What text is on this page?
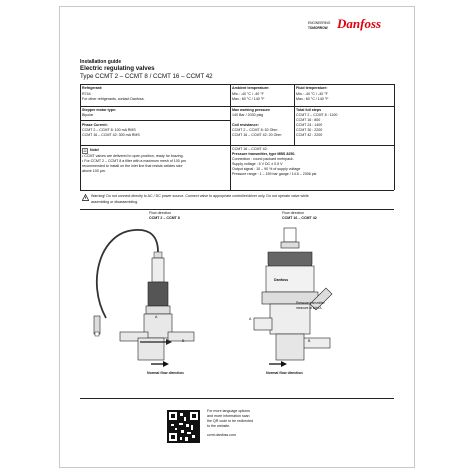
ENGINEERING
TOMORROW Danfoss
Installation guide
Electric regulating valves
Type CCMT 2 – CCMT 8 / CCMT 16 – CCMT 42
Refrigerant:
R744
For other refrigerants, contact Danfoss.
Ambient temperature:
Min.: -40 °C / -40 °F
Max.: 60 °C / 140 °F
Fluid temperature:
Min.: -40 °C / -40 °F
Max.: 60 °C / 140 °F
Stepper motor type:
Bipolar
Max working pressure
140 Bar / 2030 psig
Total full steps
CCMT 2 – CCMT 8 : 1100
CCMT 16 : 800
CCMT 24 : 1400
CCMT 30 : 2200
CCMT 42 : 2200
Phase Current:
CCMT 2 – CCMT 8: 100 mA RMS
CCMT 16 – CCMT 42: 300 mA RMS
Coil resistance:
CCMT 2 – CCMT 8: 52 Ohm
CCMT 16 – CCMT 42: 20 Ohm
Note!
• CCMT valves are delivered in open position, ready for brazing.
• For CCMT 2 – CCMT 8 a filter with a maximum mesh of 100 µm
recommended to install on the inlet line that resists articles size
above 100 µm.
CCMT 16 – CCMT 42:
Pressure transmitter, type MBS 8250.
Connection : round packard metripack.
Supply voltage : 5 V DC ± 0.5 V
Output signal : 10 – 90 % of supply voltage
Pressure range : 1 – 159 bar gauge / 14.5 – 2306 psi
Warning! Do not connect directly to AC / DC power source. Connect valve to appropriate controller/driver only. Do not operate valve while
assembling or disassembling.
Flow direction
CCMT 2 – CCMT 8
Flow direction
CCMT 16 – CCMT 42
A
B
Danfoss
Pressure transmitter
measure at inlet A
A
B
Normal flow direction	Normal flow direction
For more language options
and more information scan
the QR code to be redirected
to the website.
ccmt.danfoss.com
